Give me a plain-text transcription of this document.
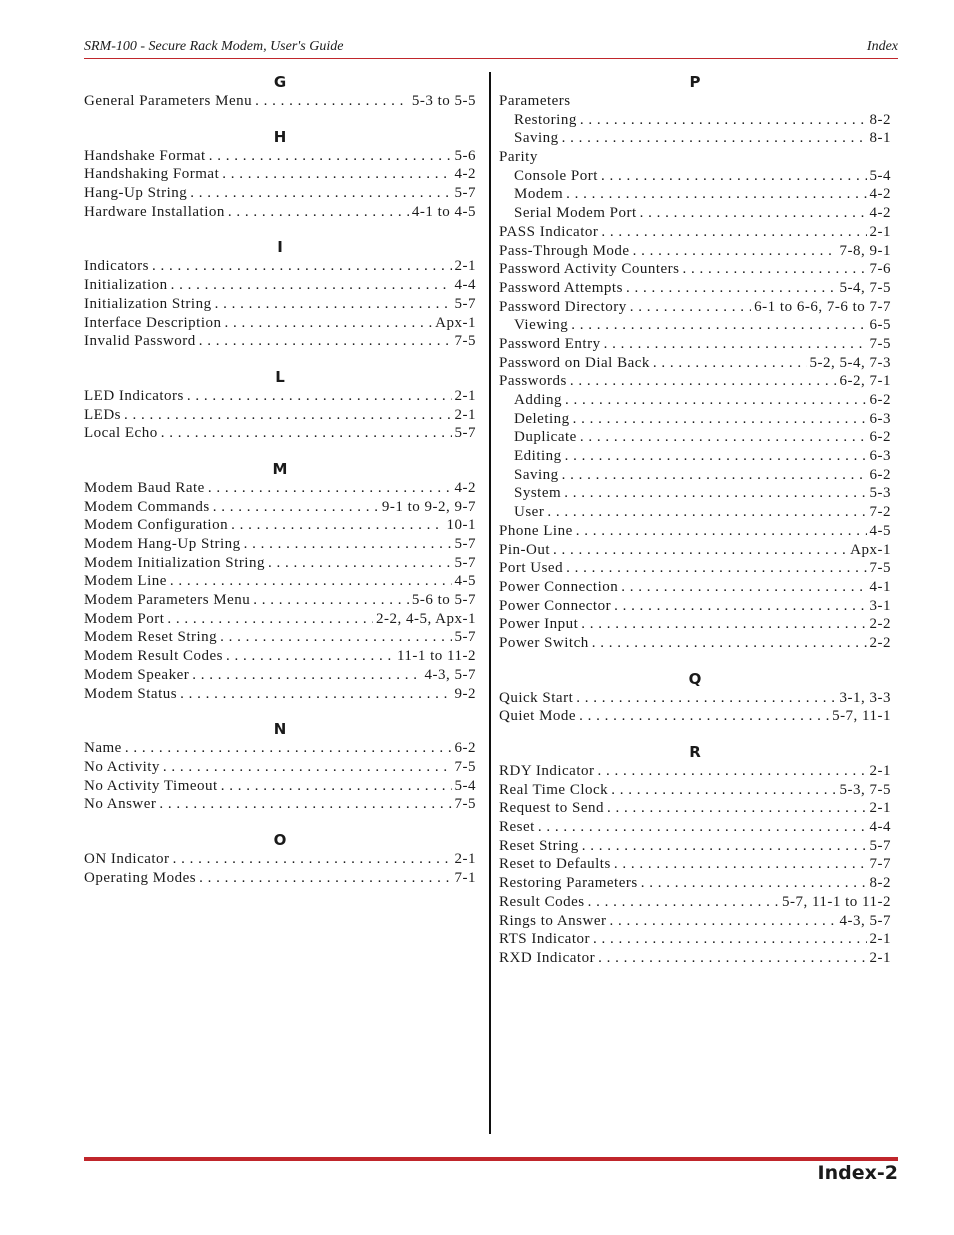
SRM-100 - Secure Rack Modem, User's Guide	Index
G
General Parameters Menu . . .	5-3 to 5-5
H
Handshake Format . . .	5-6
Handshaking Format . . .	4-2
Hang-Up String . . .	5-7
Hardware Installation . . .	4-1 to 4-5
I
Indicators . . .	2-1
Initialization . . .	4-4
Initialization String . . .	5-7
Interface Description . . .	Apx-1
Invalid Password . . .	7-5
L
LED Indicators . . .	2-1
LEDs . . .	2-1
Local Echo . . .	5-7
M
Modem Baud Rate . . .	4-2
Modem Commands . . .	9-1 to 9-2, 9-7
Modem Configuration . . .	10-1
Modem Hang-Up String . . .	5-7
Modem Initialization String . . .	5-7
Modem Line . . .	4-5
Modem Parameters Menu . . .	5-6 to 5-7
Modem Port . . .	2-2, 4-5, Apx-1
Modem Reset String . . .	5-7
Modem Result Codes . . .	11-1 to 11-2
Modem Speaker . . .	4-3, 5-7
Modem Status . . .	9-2
N
Name . . .	6-2
No Activity . . .	7-5
No Activity Timeout . . .	5-4
No Answer . . .	7-5
O
ON Indicator . . .	2-1
Operating Modes . . .	7-1
P
Parameters
Restoring . . .	8-2
Saving . . .	8-1
Parity
Console Port . . .	5-4
Modem . . .	4-2
Serial Modem Port . . .	4-2
PASS Indicator . . .	2-1
Pass-Through Mode . . .	7-8, 9-1
Password Activity Counters . . .	7-6
Password Attempts . . .	5-4, 7-5
Password Directory . . .	6-1 to 6-6, 7-6 to 7-7
Viewing . . .	6-5
Password Entry . . .	7-5
Password on Dial Back . . .	5-2, 5-4, 7-3
Passwords . . .	6-2, 7-1
Adding . . .	6-2
Deleting . . .	6-3
Duplicate . . .	6-2
Editing . . .	6-3
Saving . . .	6-2
System . . .	5-3
User . . .	7-2
Phone Line . . .	4-5
Pin-Out . . .	Apx-1
Port Used . . .	7-5
Power Connection . . .	4-1
Power Connector . . .	3-1
Power Input . . .	2-2
Power Switch . . .	2-2
Q
Quick Start . . .	3-1, 3-3
Quiet Mode . . .	5-7, 11-1
R
RDY Indicator . . .	2-1
Real Time Clock . . .	5-3, 7-5
Request to Send . . .	2-1
Reset . . .	4-4
Reset String . . .	5-7
Reset to Defaults . . .	7-7
Restoring Parameters . . .	8-2
Result Codes . . .	5-7, 11-1 to 11-2
Rings to Answer . . .	4-3, 5-7
RTS Indicator . . .	2-1
RXD Indicator . . .	2-1
Index-2
